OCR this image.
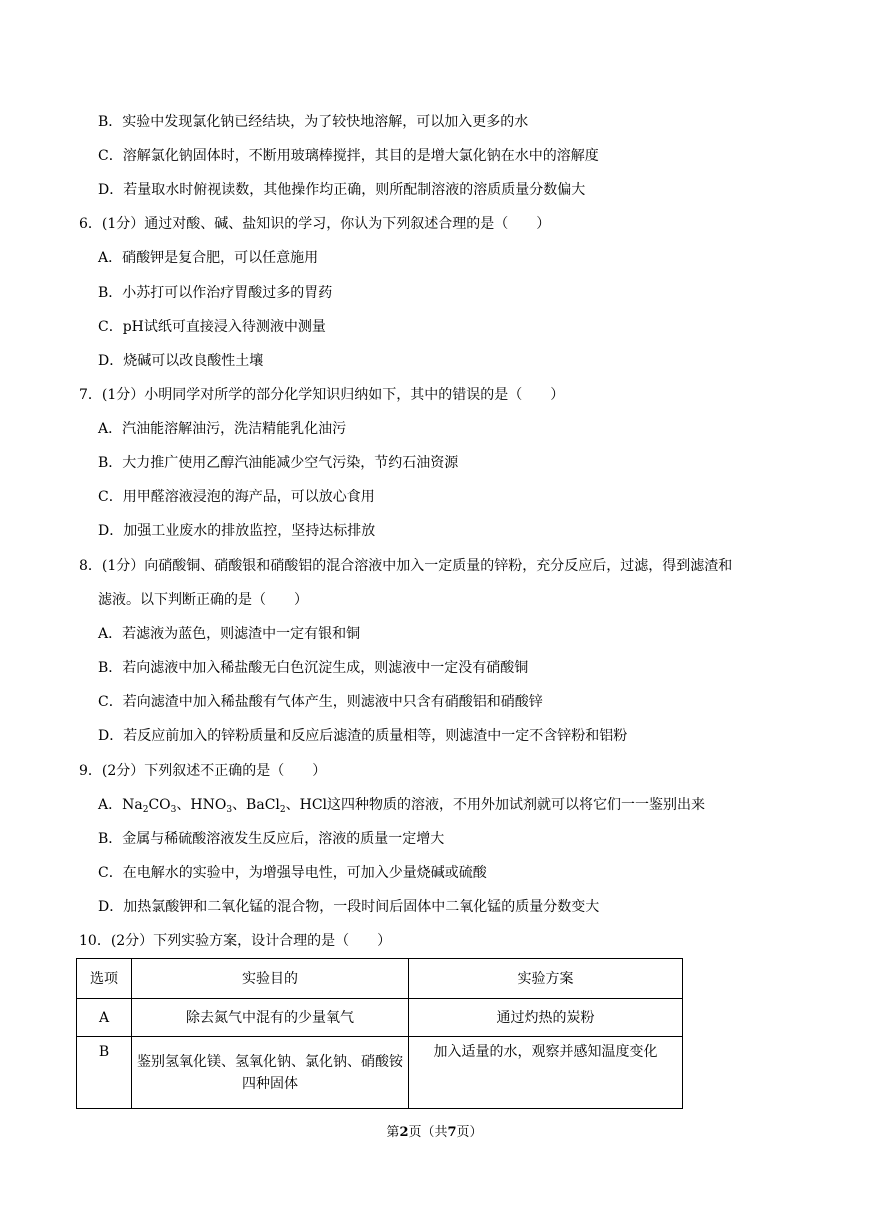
B．实验中发现氯化钠已经结块，为了较快地溶解，可以加入更多的水
C．溶解氯化钠固体时，不断用玻璃棒搅拌，其目的是增大氯化钠在水中的溶解度
D．若量取水时俯视读数，其他操作均正确，则所配制溶液的溶质质量分数偏大
6．(1分）通过对酸、碱、盐知识的学习，你认为下列叙述合理的是（　　）
A．硝酸钾是复合肥，可以任意施用
B．小苏打可以作治疗胃酸过多的胃药
C．pH试纸可直接浸入待测液中测量
D．烧碱可以改良酸性土壤
7．(1分）小明同学对所学的部分化学知识归纳如下，其中的错误的是（　　）
A．汽油能溶解油污，洗洁精能乳化油污
B．大力推广使用乙醇汽油能减少空气污染，节约石油资源
C．用甲醛溶液浸泡的海产品，可以放心食用
D．加强工业废水的排放监控，坚持达标排放
8．(1分）向硝酸铜、硝酸银和硝酸铝的混合溶液中加入一定质量的锌粉，充分反应后，过滤，得到滤渣和
滤液。以下判断正确的是（　　）
A．若滤液为蓝色，则滤渣中一定有银和铜
B．若向滤液中加入稀盐酸无白色沉淀生成，则滤液中一定没有硝酸铜
C．若向滤渣中加入稀盐酸有气体产生，则滤液中只含有硝酸铝和硝酸锌
D．若反应前加入的锌粉质量和反应后滤渣的质量相等，则滤渣中一定不含锌粉和铝粉
9．(2分）下列叙述不正确的是（　　）
A．$Na_2CO_3$、$HNO_3$、BaCl$_2$、HCl这四种物质的溶液，不用外加试剂就可以将它们一一鉴别出来
B．金属与稀硫酸溶液发生反应后，溶液的质量一定增大
C．在电解水的实验中，为增强导电性，可加入少量烧碱或硫酸
D．加热氯酸钾和二氧化锰的混合物，一段时间后固体中二氧化锰的质量分数变大
10．(2分）下列实验方案，设计合理的是（　　）
选项	实验目的	实验方案
A	除去氮气中混有的少量氧气	通过灼热的炭粉
B	鉴别氢氧化镁、氢氧化钠、氯化钠、硝酸铵四种固体	加入适量的水，观察并感知温度变化
第2页（共7页）
